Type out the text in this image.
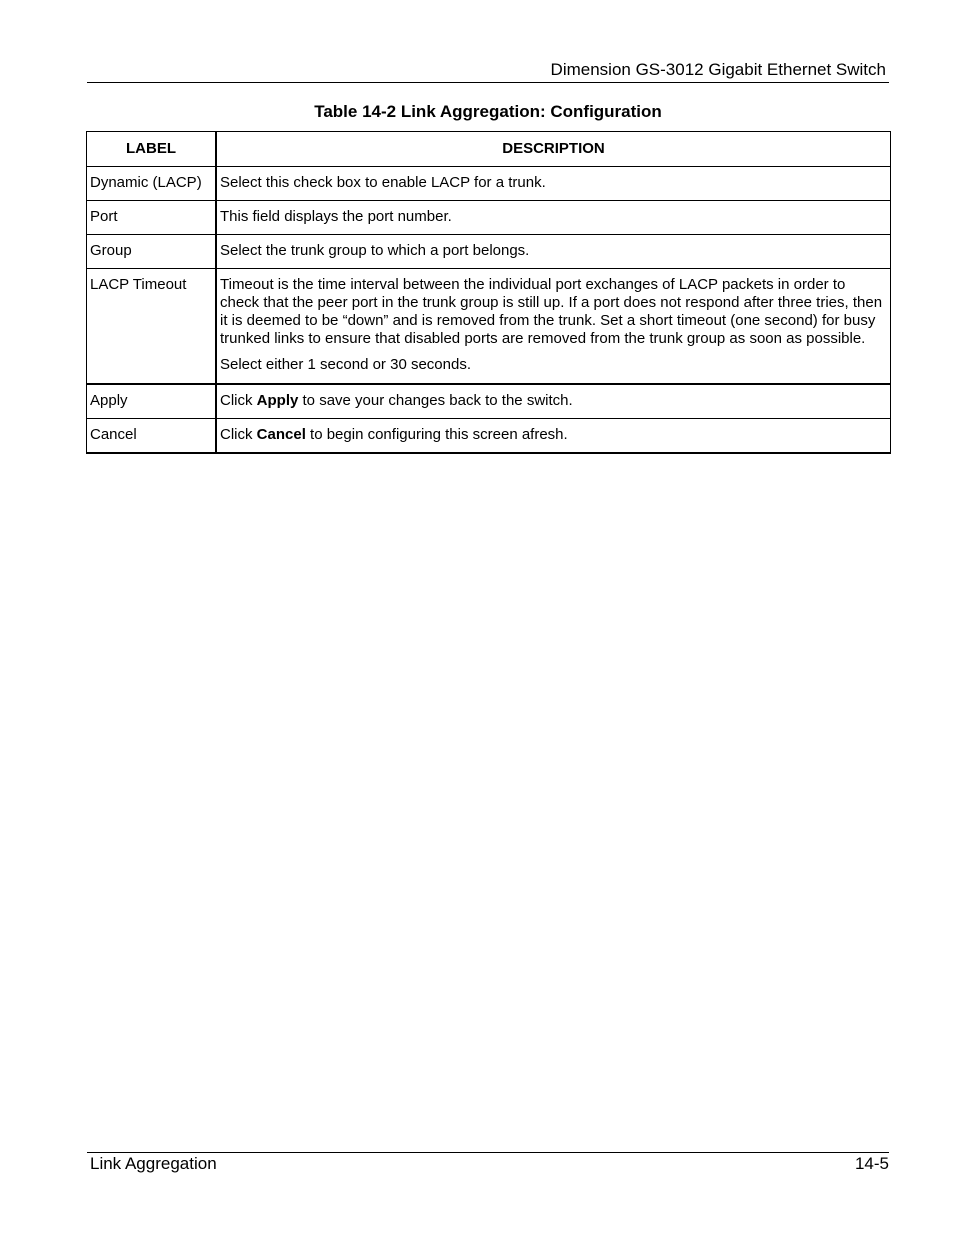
Dimension GS-3012 Gigabit Ethernet Switch
Table 14-2 Link Aggregation: Configuration
LABEL	DESCRIPTION
Dynamic (LACP)	Select this check box to enable LACP for a trunk.
Port	This field displays the port number.
Group	Select the trunk group to which a port belongs.
LACP Timeout	Timeout is the time interval between the individual port exchanges of LACP packets in order to check that the peer port in the trunk group is still up. If a port does not respond after three tries, then it is deemed to be “down” and is removed from the trunk. Set a short timeout (one second) for busy trunked links to ensure that disabled ports are removed from the trunk group as soon as possible.

Select either 1 second or 30 seconds.

Apply	Click Apply to save your changes back to the switch.
Cancel	Click Cancel to begin configuring this screen afresh.
Link Aggregation	14-5
